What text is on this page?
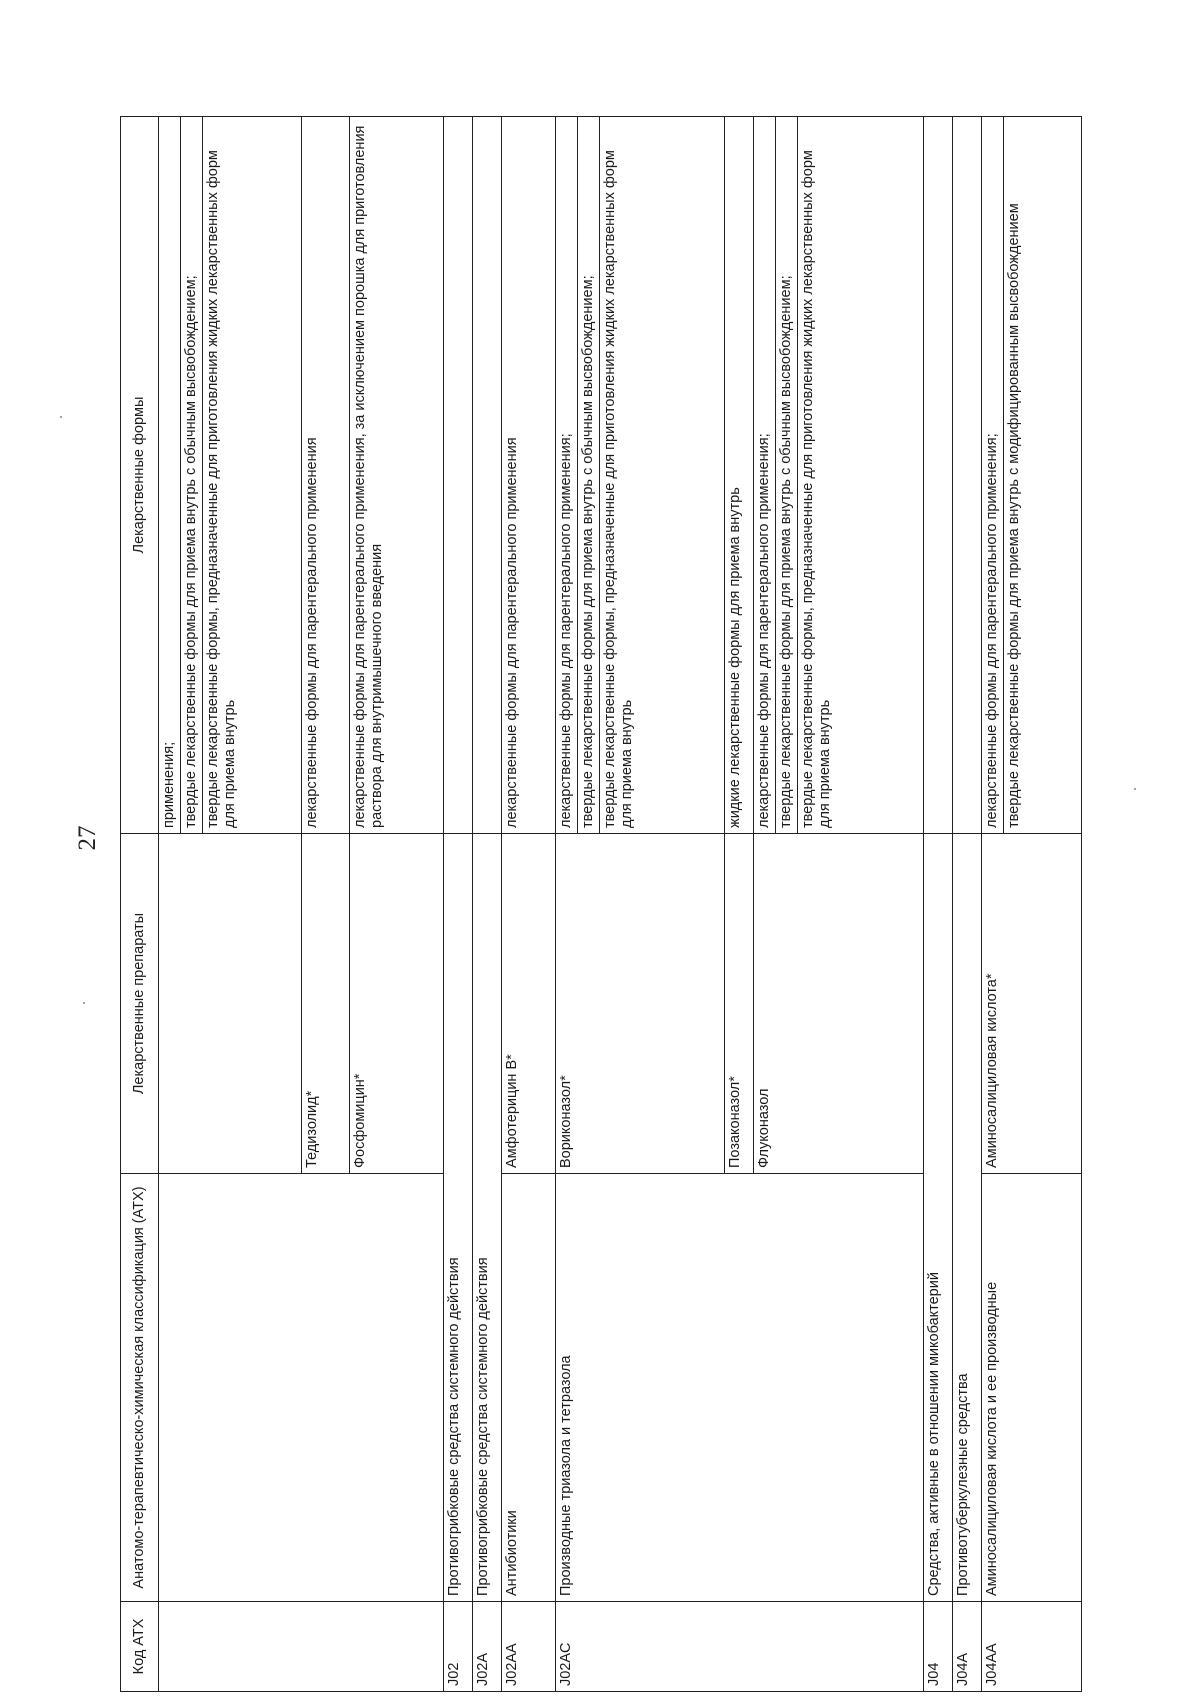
27
Код АТХ	Анатомо-терапевтическо-химическая классификация (АТХ)	Лекарственные препараты	Лекарственные формы

			применения; твердые лекарственные формы для приема внутрь с обычным высвобождением; твердые лекарственные формы, предназначенные для приготовления жидких лекарственных форм для приема внутрь

		Тедизолид*	лекарственные формы для парентерального применения

		Фосфомицин*	лекарственные формы для парентерального применения, за исключением порошка для приготовления раствора для внутримышечного введения

J02	Противогрибковые средства системного действия		
J02A	Противогрибковые средства системного действия		
J02AA	Антибиотики	Амфотерицин В*	лекарственные формы для парентерального применения

J02AC	Производные триазола и тетразола	Вориконазол*	лекарственные формы для парентерального применения; твердые лекарственные формы для приема внутрь с обычным высвобождением; твердые лекарственные формы, предназначенные для приготовления жидких лекарственных форм для приема внутрь

		Позаконазол*	жидкие лекарственные формы для приема внутрь

		Флуконазол	лекарственные формы для парентерального применения; твердые лекарственные формы для приема внутрь с обычным высвобождением; твердые лекарственные формы, предназначенные для приготовления жидких лекарственных форм для приема внутрь

J04	Средства, активные в отношении микобактерий		
J04A	Противотуберкулезные средства		
J04AA	Аминосалициловая кислота и ее производные	Аминосалициловая кислота*	лекарственные формы для парентерального применения; твердые лекарственные формы для приема внутрь с модифицированным высвобождением
